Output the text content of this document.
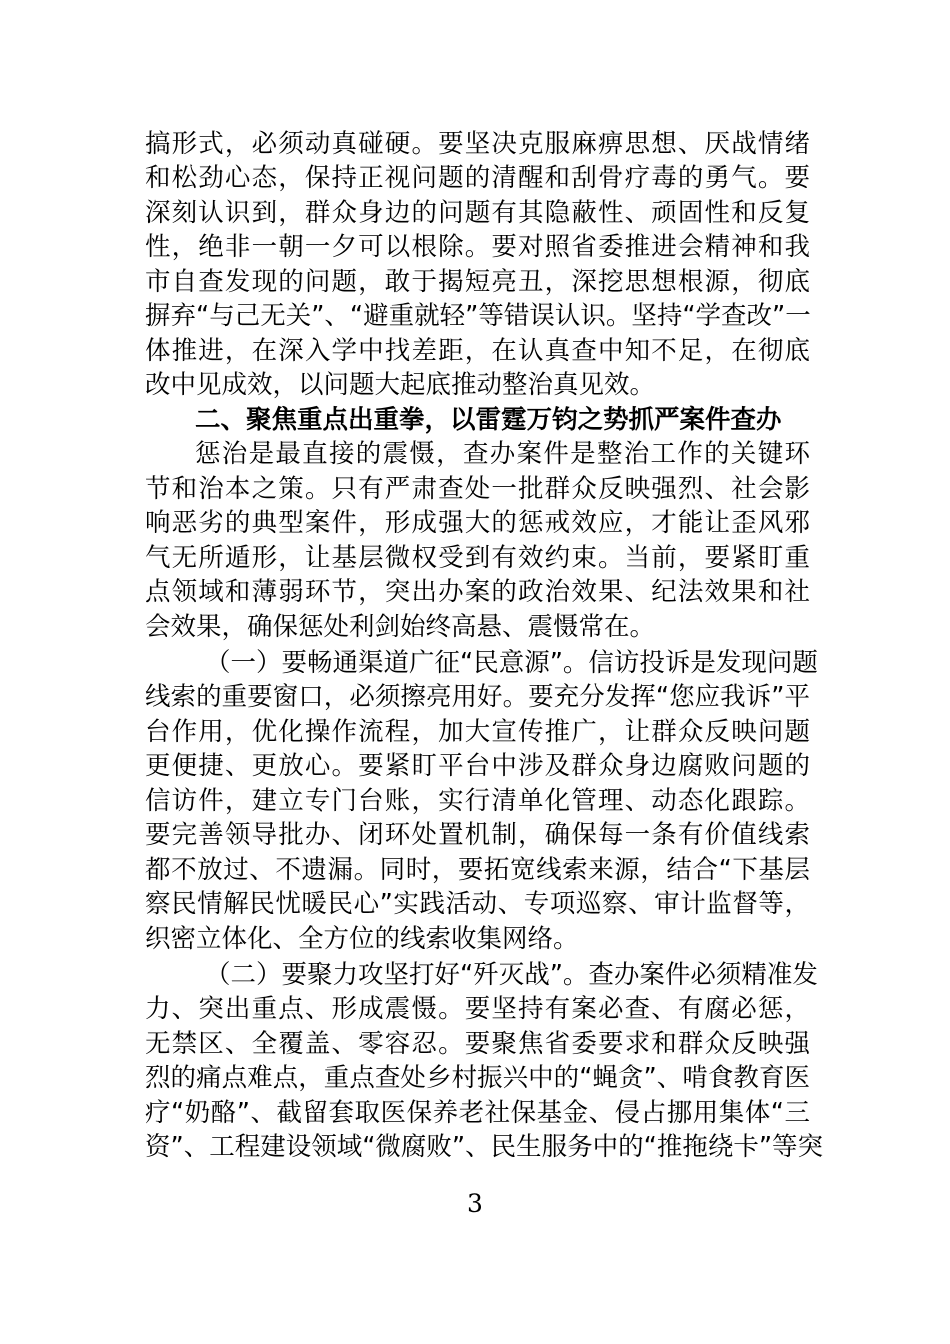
搞形式，必须动真碰硬。要坚决克服麻痹思想、厌战情绪
和松劲心态，保持正视问题的清醒和刮骨疗毒的勇气。要
深刻认识到，群众身边的问题有其隐蔽性、顽固性和反复
性，绝非一朝一夕可以根除。要对照省委推进会精神和我
市自查发现的问题，敢于揭短亮丑，深挖思想根源，彻底
摒弃“与己无关”、“避重就轻”等错误认识。坚持“学查改”一
体推进，在深入学中找差距，在认真查中知不足，在彻底
改中见成效，以问题大起底推动整治真见效。
二、聚焦重点出重拳，以雷霆万钧之势抓严案件查办
惩治是最直接的震慑，查办案件是整治工作的关键环
节和治本之策。只有严肃查处一批群众反映强烈、社会影
响恶劣的典型案件，形成强大的惩戒效应，才能让歪风邪
气无所遁形，让基层微权受到有效约束。当前，要紧盯重
点领域和薄弱环节，突出办案的政治效果、纪法效果和社
会效果，确保惩处利剑始终高悬、震慑常在。
（一）要畅通渠道广征“民意源”。信访投诉是发现问题
线索的重要窗口，必须擦亮用好。要充分发挥“您应我诉”平
台作用，优化操作流程，加大宣传推广，让群众反映问题
更便捷、更放心。要紧盯平台中涉及群众身边腐败问题的
信访件，建立专门台账，实行清单化管理、动态化跟踪。
要完善领导批办、闭环处置机制，确保每一条有价值线索
都不放过、不遗漏。同时，要拓宽线索来源，结合“下基层
察民情解民忧暖民心”实践活动、专项巡察、审计监督等，
织密立体化、全方位的线索收集网络。
（二）要聚力攻坚打好“歼灭战”。查办案件必须精准发
力、突出重点、形成震慑。要坚持有案必查、有腐必惩，
无禁区、全覆盖、零容忍。要聚焦省委要求和群众反映强
烈的痛点难点，重点查处乡村振兴中的“蝇贪”、啃食教育医
疗“奶酪”、截留套取医保养老社保基金、侵占挪用集体“三
资”、工程建设领域“微腐败”、民生服务中的“推拖绕卡”等突
3
